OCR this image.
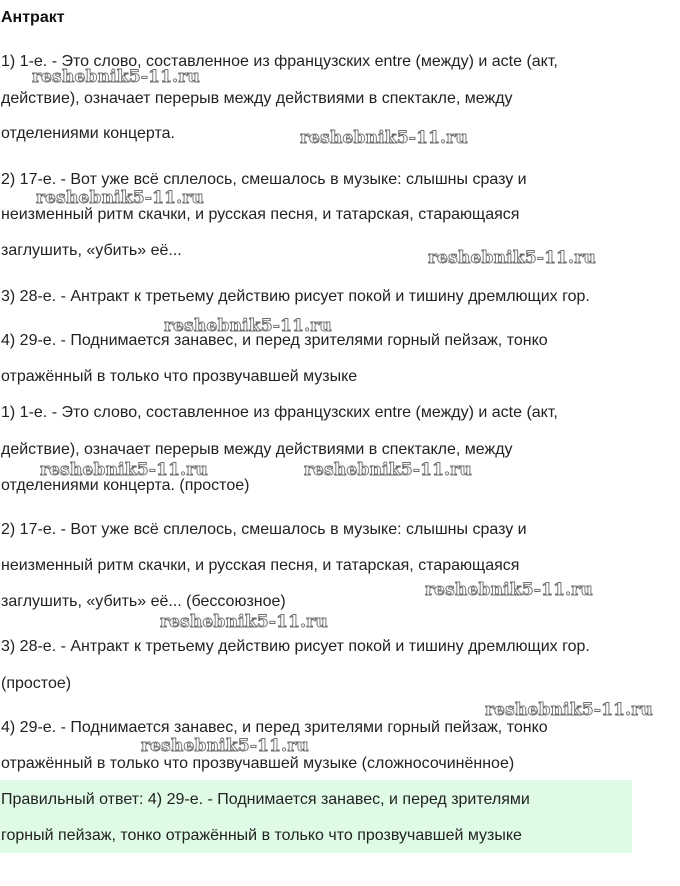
Антракт
1) 1-е. - Это слово, составленное из французских entre (между) и acte (акт,
действие), означает перерыв между действиями в спектакле, между
отделениями концерта.
2) 17-е. - Вот уже всё сплелось, смешалось в музыке: слышны сразу и
неизменный ритм скачки, и русская песня, и татарская, старающаяся
заглушить, «убить» её...
3) 28-е. - Антракт к третьему действию рисует покой и тишину дремлющих гор.
4) 29-е. - Поднимается занавес, и перед зрителями горный пейзаж, тонко
отражённый в только что прозвучавшей музыке
1) 1-е. - Это слово, составленное из французских entre (между) и acte (акт,
действие), означает перерыв между действиями в спектакле, между
отделениями концерта. (простое)
2) 17-е. - Вот уже всё сплелось, смешалось в музыке: слышны сразу и
неизменный ритм скачки, и русская песня, и татарская, старающаяся
заглушить, «убить» её... (бессоюзное)
3) 28-е. - Антракт к третьему действию рисует покой и тишину дремлющих гор.
(простое)
4) 29-е. - Поднимается занавес, и перед зрителями горный пейзаж, тонко
отражённый в только что прозвучавшей музыке (сложносочинённое)
Правильный ответ: 4) 29-е. - Поднимается занавес, и перед зрителями
горный пейзаж, тонко отражённый в только что прозвучавшей музыке
reshebnik5-11.ru
reshebnik5-11.ru
reshebnik5-11.ru
reshebnik5-11.ru
reshebnik5-11.ru
reshebnik5-11.ru	reshebnik5-11.ru
reshebnik5-11.ru
reshebnik5-11.ru
reshebnik5-11.ru
reshebnik5-11.ru
